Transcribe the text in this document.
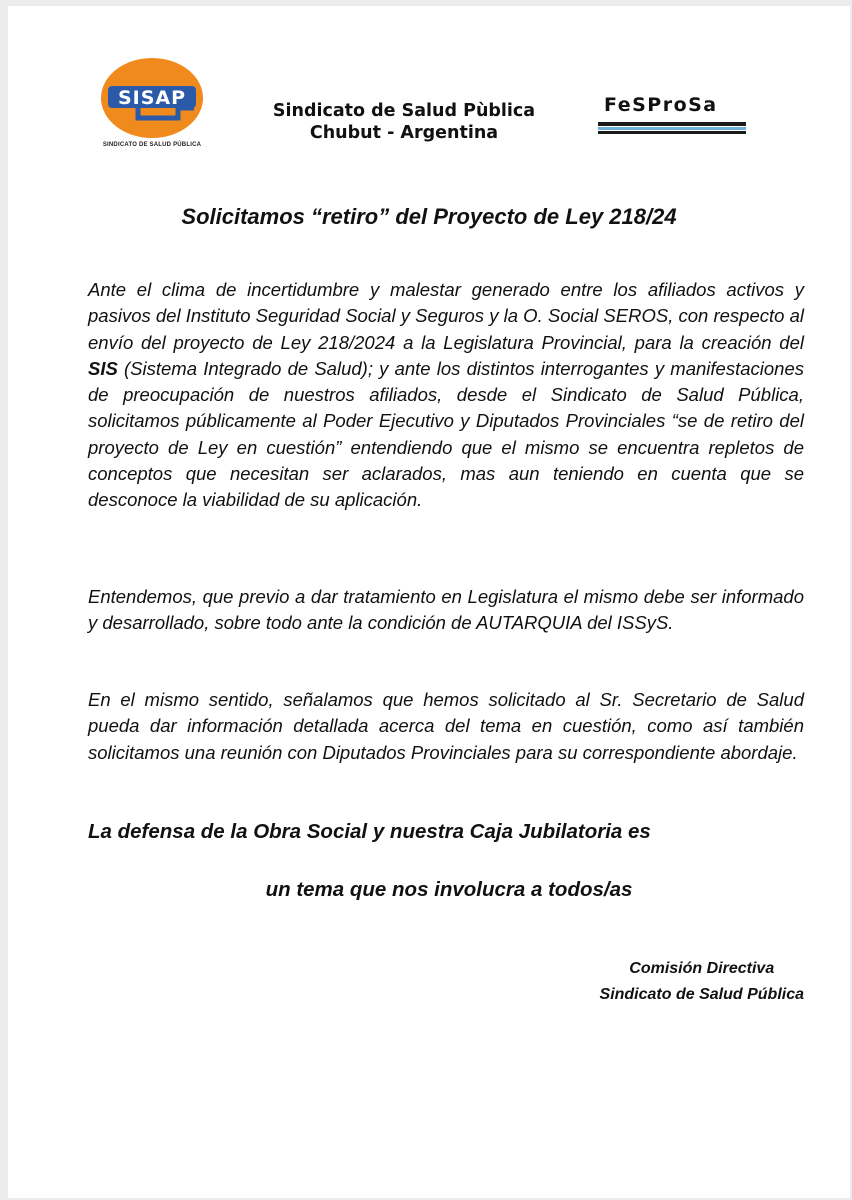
SISAP
SINDICATO DE SALUD PÚBLICA
Sindicato de Salud Pùblica
Chubut - Argentina
FeSProSa
Solicitamos “retiro” del Proyecto de Ley 218/24
Ante el clima de incertidumbre y malestar generado entre los afiliados activos y pasivos del Instituto Seguridad Social y Seguros y la O. Social SEROS, con respecto al envío del proyecto de Ley 218/2024 a la Legislatura Provincial, para la creación del SIS (Sistema Integrado de Salud); y ante los distintos interrogantes y manifestaciones de preocupación de nuestros afiliados, desde el Sindicato de Salud Pública, solicitamos públicamente al Poder Ejecutivo y Diputados Provinciales “se de retiro del proyecto de Ley en cuestión” entendiendo que el mismo se encuentra repletos de conceptos que necesitan ser aclarados, mas aun teniendo en cuenta que se desconoce la viabilidad de su aplicación.
Entendemos, que previo a dar tratamiento en Legislatura el mismo debe ser informado y desarrollado, sobre todo ante la condición de AUTARQUIA del ISSyS.
En el mismo sentido, señalamos que hemos solicitado al Sr. Secretario de Salud pueda dar información detallada acerca del tema en cuestión, como así también solicitamos una reunión con Diputados Provinciales para su correspondiente abordaje.
La defensa de la Obra Social y nuestra Caja Jubilatoria es
un tema que nos involucra a todos/as
Comisión Directiva
Sindicato de Salud Pública
